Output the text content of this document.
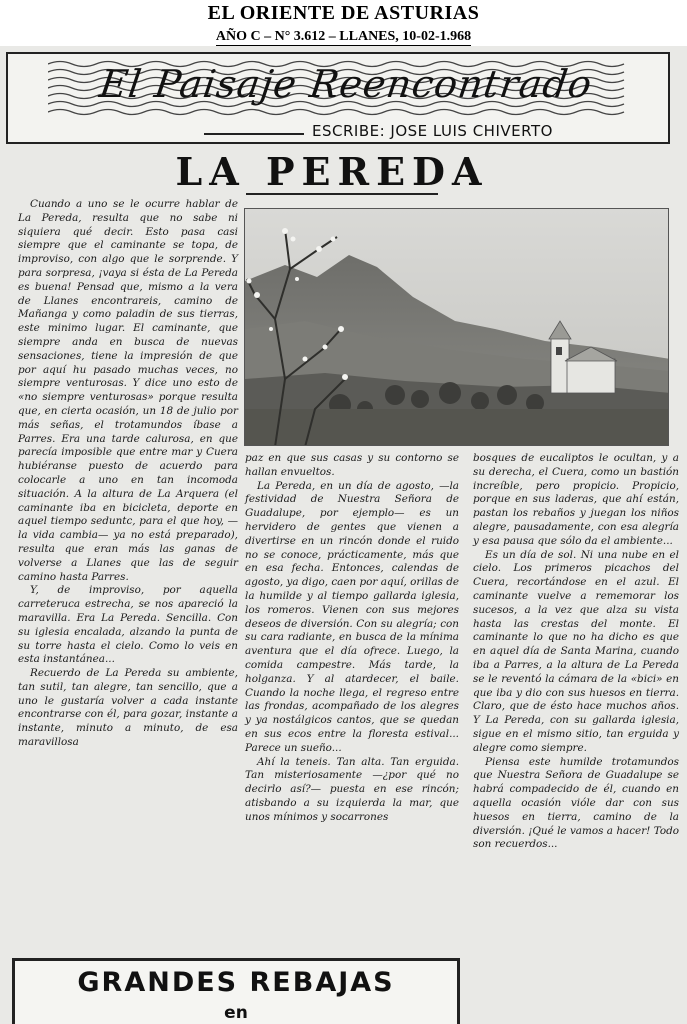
EL ORIENTE DE ASTURIAS
AÑO C – N° 3.612 – LLANES, 10-02-1.968
El Paisaje Reencontrado
ESCRIBE: JOSE LUIS CHIVERTO
LA PEREDA

Cuando a uno se le ocurre hablar de La Pereda, resulta que no sabe ni siquiera qué decir. Esto pasa casi siempre que el caminante se topa, de improviso, con algo que le sorprende. Y para sorpresa, ¡vaya si ésta de La Pereda es buena! Pensad que, mismo a la vera de Llanes encontrareis, camino de Mañanga y como paladin de sus tierras, este minimo lugar. El caminante, que siempre anda en busca de nuevas sensaciones, tiene la impresión de que por aquí hu pasado muchas veces, no siempre venturosas. Y dice uno esto de «no siempre venturosas» porque resulta que, en cierta ocasión, un 18 de julio por más señas, el trotamundos íbase a Parres. Era una tarde calurosa, en que parecía imposible que entre mar y Cuera hubiéranse puesto de acuerdo para colocarle a uno en tan incomoda situación. A la altura de La Arquera (el caminante iba en bicicleta, deporte en aquel tiempo seduntc, para el que hoy, —la vida cambia— ya no está preparado), resulta que eran más las ganas de volverse a Llanes que las de seguir camino hasta Parres.

Y, de improviso, por aquella carreteruca estrecha, se nos apareció la maravilla. Era La Pereda. Sencilla. Con su iglesia encalada, alzando la punta de su torre hasta el cielo. Como lo veis en esta instantánea...

Recuerdo de La Pereda su ambiente, tan sutil, tan alegre, tan sencillo, que a uno le gustaría volver a cada instante encontrarse con él, para gozar, instante a instante, minuto a minuto, de esa maravillosa

paz en que sus casas y su contorno se hallan envueltos.

La Pereda, en un día de agosto, —la festividad de Nuestra Señora de Guadalupe, por ejemplo— es un hervidero de gentes que vienen a divertirse en un rincón donde el ruido no se conoce, prácticamente, más que en esa fecha. Entonces, calendas de agosto, ya digo, caen por aquí, orillas de la humilde y al tiempo gallarda iglesia, los romeros. Vienen con sus mejores deseos de diversión. Con su alegría; con su cara radiante, en busca de la mínima aventura que el día ofrece. Luego, la comida campestre. Más tarde, la holganza. Y al atardecer, el baile. Cuando la noche llega, el regreso entre las frondas, acompañado de los alegres y ya nostálgicos cantos, que se quedan en sus ecos entre la floresta estival... Parece un sueño...

Ahí la teneis. Tan alta. Tan erguida. Tan misteriosamente —¿por qué no decirlo así?— puesta en ese rincón; atisbando a su izquierda la mar, que unos mínimos y socarrones

bosques de eucaliptos le ocultan, y a su derecha, el Cuera, como un bastión increíble, pero propicio. Propicio, porque en sus laderas, que ahí están, pastan los rebaños y juegan los niños alegre, pausadamente, con esa alegría y esa pausa que sólo da el ambiente...

Es un día de sol. Ni una nube en el cielo. Los primeros picachos del Cuera, recortándose en el azul. El caminante vuelve a rememorar los sucesos, a la vez que alza su vista hasta las crestas del monte. El caminante lo que no ha dicho es que en aquel día de Santa Marina, cuando iba a Parres, a la altura de La Pereda se le reventó la cámara de la «bici» en que iba y dio con sus huesos en tierra. Claro, que de ésto hace muchos años. Y La Pereda, con su gallarda iglesia, sigue en el mismo sitio, tan erguida y alegre como siempre.

Piensa este humilde trotamundos que Nuestra Señora de Guadalupe se habrá compadecido de él, cuando en aquella ocasión vióle dar con sus huesos en tierra, camino de la diversión. ¡Qué le vamos a hacer! Todo son recuerdos...

GRANDES REBAJAS
en
